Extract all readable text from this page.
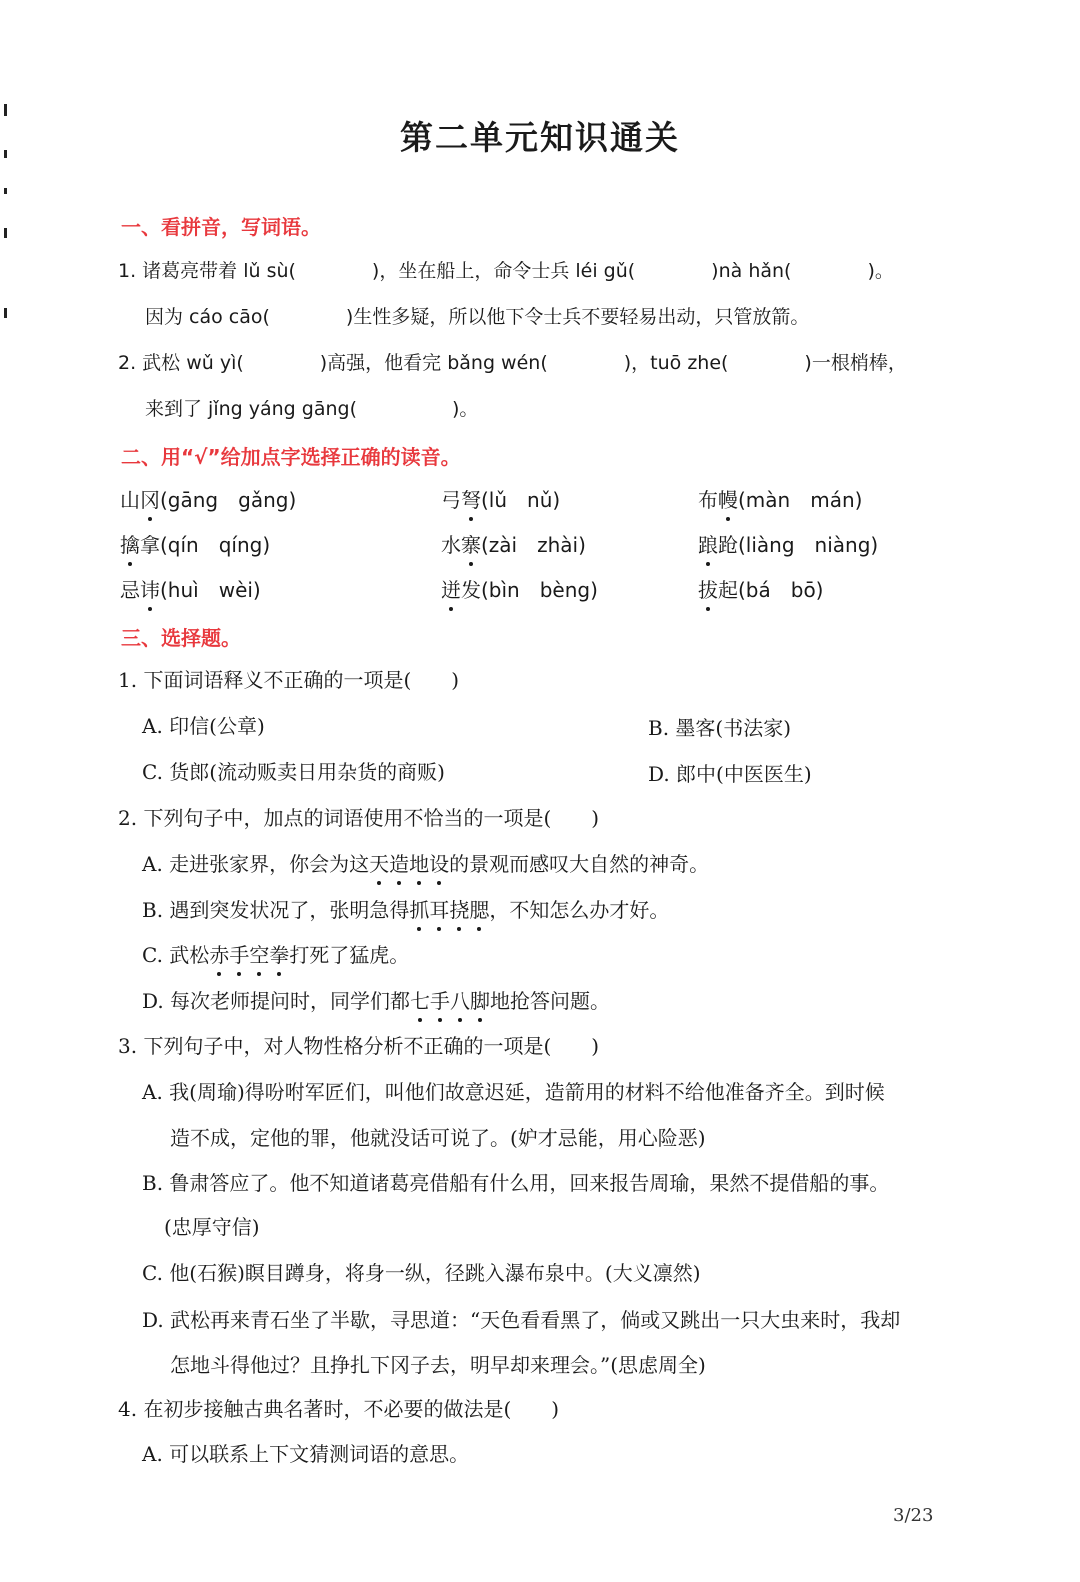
第二单元知识通关
一、看拼音，写词语。
1. 诸葛亮带着 lǔ sù(　　　　)，坐在船上，命令士兵 léi gǔ(　　　　)nà hǎn(　　　　)。
因为 cáo cāo(　　　　)生性多疑，所以他下令士兵不要轻易出动，只管放箭。
2. 武松 wǔ yì(　　　　)高强，他看完 bǎng wén(　　　　)，tuō zhe(　　　　)一根梢棒，
来到了 jǐng yáng gāng(　　　　　)。
二、用“√”给加点字选择正确的读音。
山冈(gāng　gǎng)	弓弩(lǔ　nǔ)	布幔(màn　mán)
擒拿(qín　qíng)	水寨(zài　zhài)	踉跄(liàng　niàng)
忌讳(huì　wèi)	迸发(bìn　bèng)	拔起(bá　bō)
三、选择题。
1. 下面词语释义不正确的一项是(　　)
A. 印信(公章)	B. 墨客(书法家)
C. 货郎(流动贩卖日用杂货的商贩)	D. 郎中(中医医生)
2. 下列句子中，加点的词语使用不恰当的一项是(　　)
A. 走进张家界，你会为这天造地设的景观而感叹大自然的神奇。
B. 遇到突发状况了，张明急得抓耳挠腮，不知怎么办才好。
C. 武松赤手空拳打死了猛虎。
D. 每次老师提问时，同学们都七手八脚地抢答问题。
3. 下列句子中，对人物性格分析不正确的一项是(　　)
A. 我(周瑜)得吩咐军匠们，叫他们故意迟延，造箭用的材料不给他准备齐全。到时候
造不成，定他的罪，他就没话可说了。(妒才忌能，用心险恶)
B. 鲁肃答应了。他不知道诸葛亮借船有什么用，回来报告周瑜，果然不提借船的事。
(忠厚守信)
C. 他(石猴)瞑目蹲身，将身一纵，径跳入瀑布泉中。(大义凛然)
D. 武松再来青石坐了半歇，寻思道：“天色看看黑了，倘或又跳出一只大虫来时，我却
怎地斗得他过？且挣扎下冈子去，明早却来理会。”(思虑周全)
4. 在初步接触古典名著时，不必要的做法是(　　)
A. 可以联系上下文猜测词语的意思。
3/23
